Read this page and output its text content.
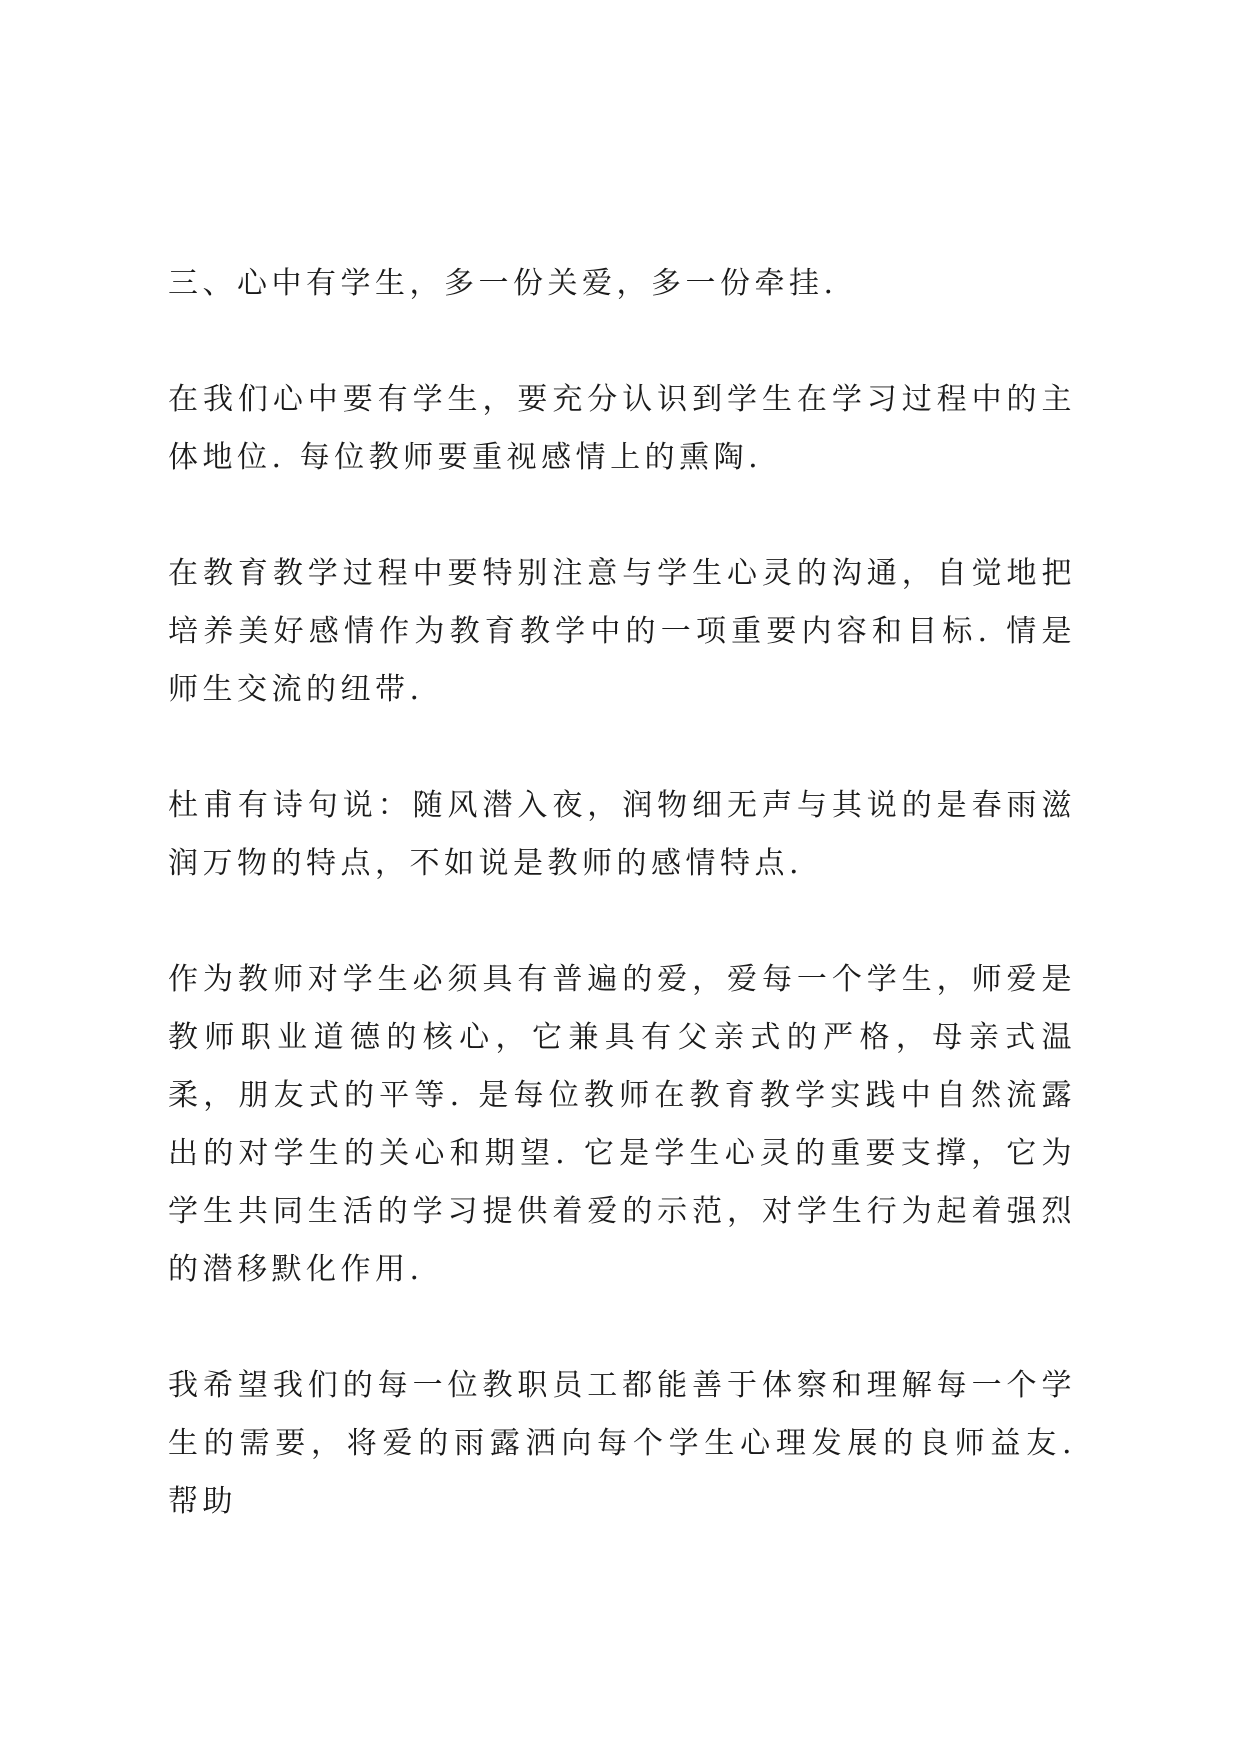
三、心中有学生，多一份关爱，多一份牵挂.

在我们心中要有学生，要充分认识到学生在学习过程中的主体地位. 每位教师要重视感情上的熏陶.

在教育教学过程中要特别注意与学生心灵的沟通，自觉地把培养美好感情作为教育教学中的一项重要内容和目标. 情是师生交流的纽带.

杜甫有诗句说：随风潜入夜，润物细无声与其说的是春雨滋润万物的特点，不如说是教师的感情特点.

作为教师对学生必须具有普遍的爱，爱每一个学生，师爱是教师职业道德的核心，它兼具有父亲式的严格，母亲式温柔，朋友式的平等. 是每位教师在教育教学实践中自然流露出的对学生的关心和期望. 它是学生心灵的重要支撑，它为学生共同生活的学习提供着爱的示范，对学生行为起着强烈的潜移默化作用.

我希望我们的每一位教职员工都能善于体察和理解每一个学生的需要，将爱的雨露洒向每个学生心理发展的良师益友. 帮助
